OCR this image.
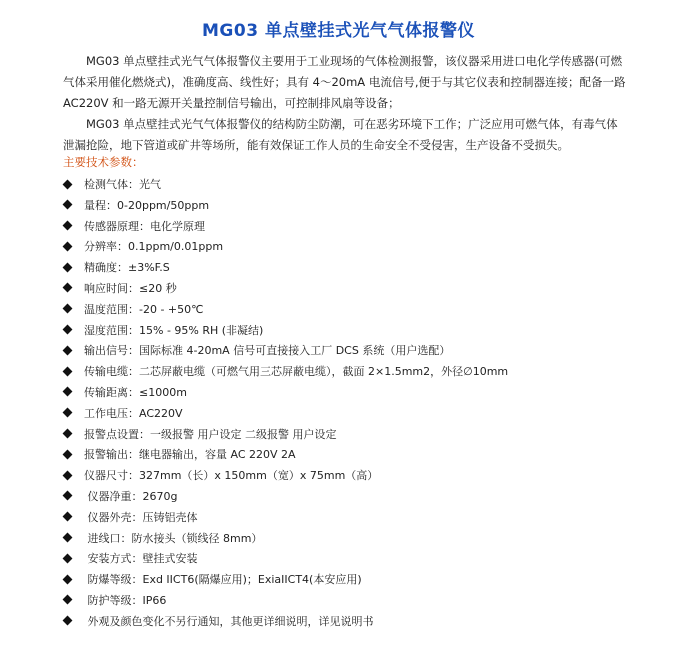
MG03 单点壁挂式光气气体报警仪

MG03 单点壁挂式光气气体报警仪主要用于工业现场的气体检测报警，该仪器采用进口电化学传感器(可燃气体采用催化燃烧式)，准确度高、线性好；具有 4～20mA 电流信号,便于与其它仪表和控制器连接；配备一路 AC220V 和一路无源开关量控制信号输出，可控制排风扇等设备；

MG03 单点壁挂式光气气体报警仪的结构防尘防潮，可在恶劣环境下工作；广泛应用可燃气体，有毒气体泄漏抢险，地下管道或矿井等场所，能有效保证工作人员的生命安全不受侵害，生产设备不受损失。

主要技术参数：
检测气体：光气
量程：0-20ppm/50ppm
传感器原理：电化学原理
分辨率：0.1ppm/0.01ppm
精确度：±3%F.S
响应时间：≤20 秒
温度范围：-20 - +50℃
湿度范围：15% - 95% RH (非凝结)
输出信号：国际标准 4-20mA 信号可直接接入工厂 DCS 系统（用户选配）
传输电缆：二芯屏蔽电缆（可燃气用三芯屏蔽电缆），截面 2×1.5mm2，外径∅10mm
传输距离：≤1000m
工作电压：AC220V
报警点设置：一级报警 用户设定 二级报警 用户设定
报警输出：继电器输出，容量 AC 220V 2A
仪器尺寸：327mm（长）x 150mm（宽）x 75mm（高）
仪器净重：2670g
仪器外壳：压铸铝壳体
进线口：防水接头（锁线径 8mm）
安装方式：壁挂式安装
防爆等级：Exd IICT6(隔爆应用)；ExiaIICT4(本安应用)
防护等级：IP66
外观及颜色变化不另行通知，其他更详细说明，详见说明书
